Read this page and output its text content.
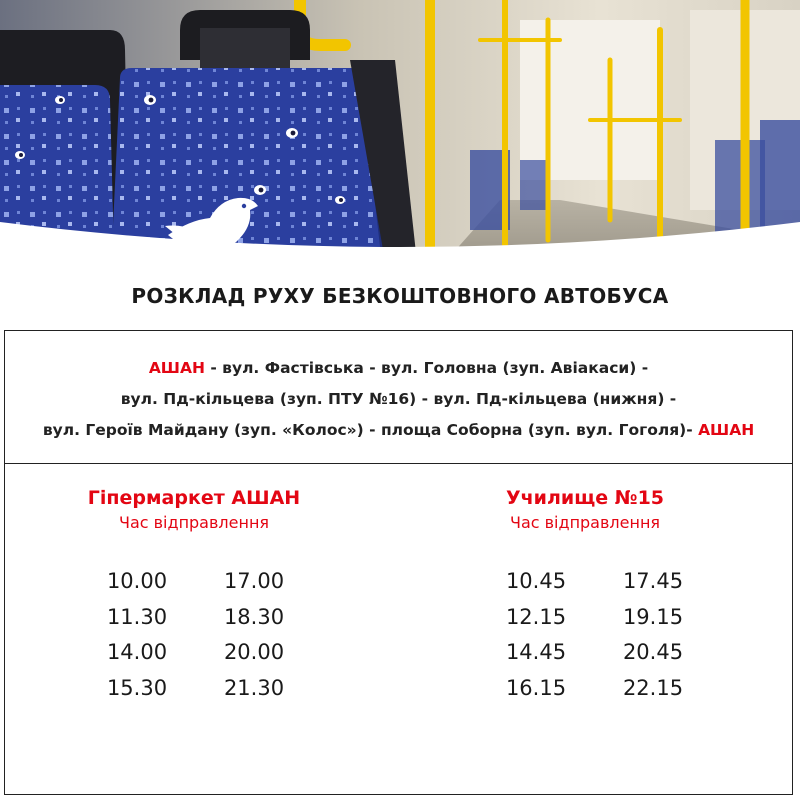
РОЗКЛАД РУХУ БЕЗКОШТОВНОГО АВТОБУСА
АШАН - вул. Фастівська - вул. Головна (зуп. Авіакаси) -
вул. Пд-кільцева (зуп. ПТУ №16) - вул. Пд-кільцева (нижня) -
вул. Героїв Майдану (зуп. «Колос») - площа Соборна (зуп. вул. Гоголя)- АШАН
Гіпермаркет АШАН
Час відправлення
10.00
11.30
14.00
15.30
17.00
18.30
20.00
21.30
Училище №15
Час відправлення
10.45
12.15
14.45
16.15
17.45
19.15
20.45
22.15
